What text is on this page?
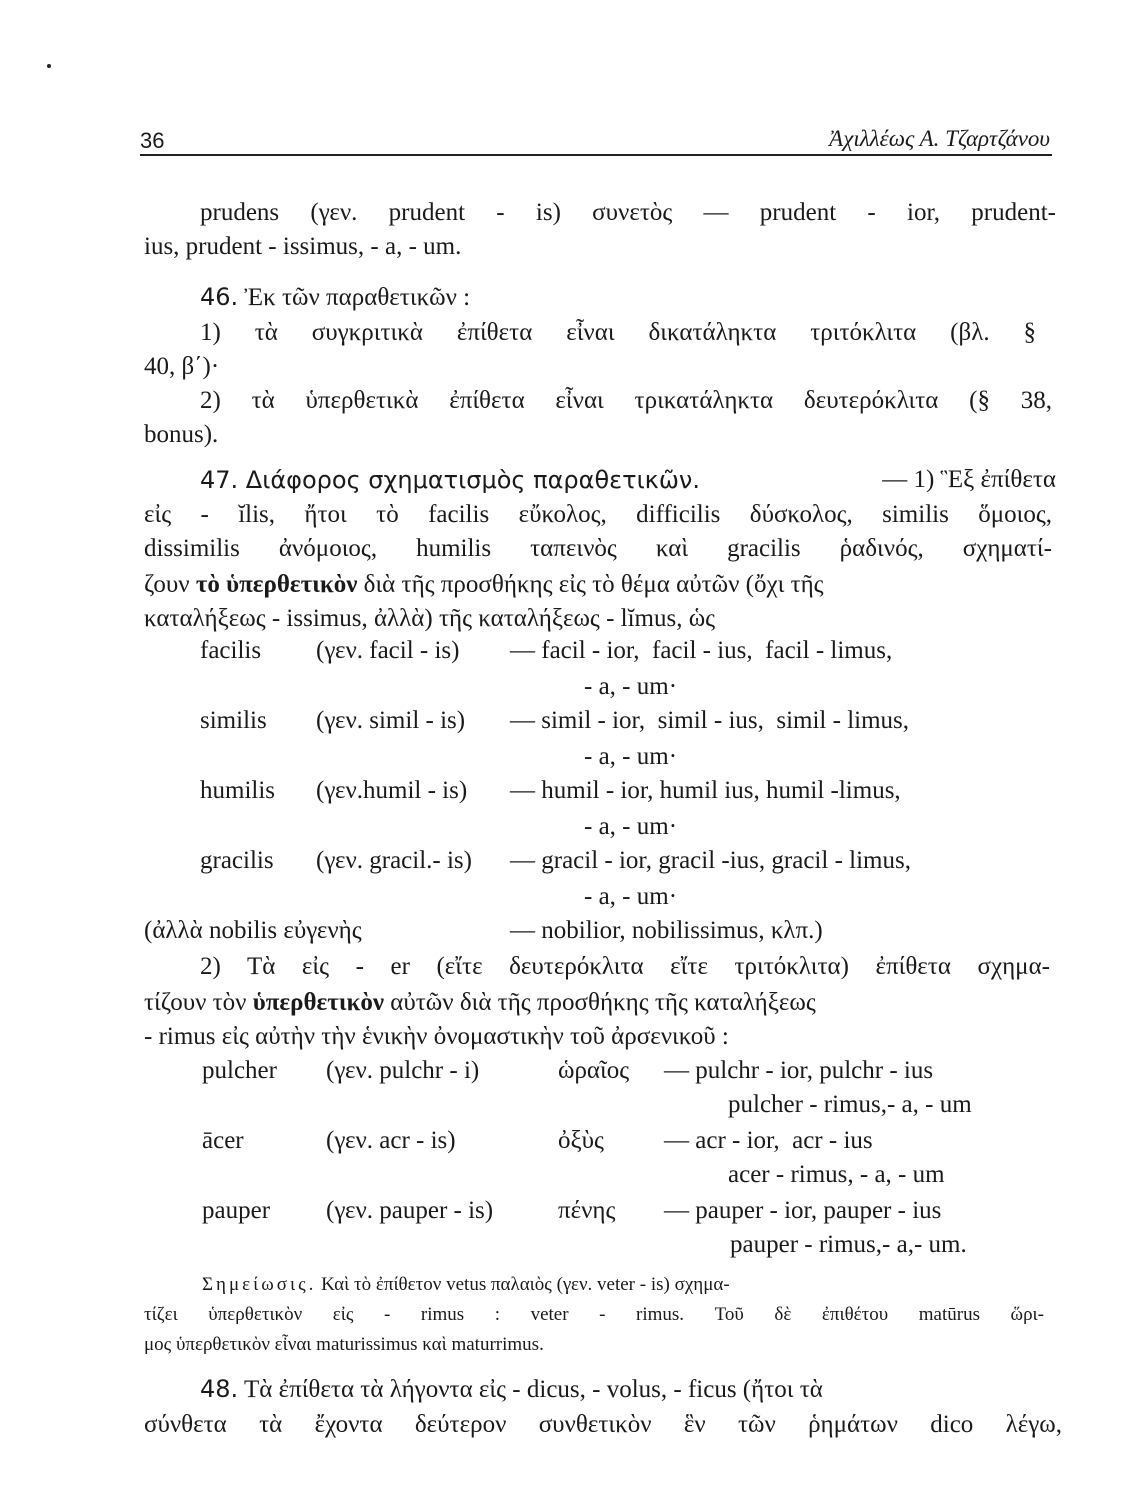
36	Ἀχιλλέως Α. Τζαρτζάνου
prudens (γεν. prudent - is) συνετὸς — prudent - ior, prudent-
ius, prudent - issimus, - a, - um.
46. Ἐκ τῶν παραθετικῶν :
1) τὰ συγκριτικὰ ἐπίθετα εἶναι δικατάληκτα τριτόκλιτα (βλ. §
40, β΄)·
2) τὰ ὑπερθετικὰ ἐπίθετα εἶναι τρικατάληκτα δευτερόκλιτα (§ 38,
bonus).
47. Διάφορος σχηματισμὸς παραθετικῶν.	— 1) Ἓξ ἐπίθετα
εἰς - ĭlis, ἤτοι τὸ facilis εὔκολος, difficilis δύσκολος, similis ὅμοιος,
dissimilis ἀνόμοιος, humilis ταπεινὸς καὶ gracilis ῥαδινός, σχηματί-
ζουν τὸ ὑπερθετικὸν διὰ τῆς προσθήκης εἰς τὸ θέμα αὐτῶν (ὄχι τῆς
καταλήξεως - issimus, ἀλλὰ) τῆς καταλήξεως - lĭmus, ὡς
facilis (γεν. facil - is) — facil - ior,  facil - ius,  facil - limus,
- a, - um·
similis (γεν. simil - is) — simil - ior,  simil - ius,  simil - limus,
- a, - um·
humilis (γεν.humil - is) — humil - ior, humil ius, humil -limus,
- a, - um·
gracilis (γεν. gracil.- is) — gracil - ior, gracil -ius, gracil - limus,
- a, - um·
(ἀλλὰ nobilis εὐγενὴς	— nobilior, nobilissimus, κλπ.)
2) Τὰ εἰς - er (εἴτε δευτερόκλιτα εἴτε τριτόκλιτα) ἐπίθετα σχημα-
τίζουν τὸν ὑπερθετικὸν αὐτῶν διὰ τῆς προσθήκης τῆς καταλήξεως
- rimus εἰς αὐτὴν τὴν ἑνικὴν ὀνομαστικὴν τοῦ ἀρσενικοῦ :
pulcher (γεν. pulchr - i)	ὡραῖος — pulchr - ior, pulchr - ius
pulcher - rimus,- a, - um
ācer	(γεν. acr - is)	ὀξὺς — acr - ior,  acr - ius
acer - rimus, - a, - um
pauper (γεν. pauper - is)	πένης — pauper - ior, pauper - ius
pauper - rimus,- a,- um.
Σημείωσις. Καὶ τὸ ἐπίθετον vetus παλαιὸς (γεν. veter - is) σχημα-
τίζει ὑπερθετικὸν εἰς - rimus : veter - rimus. Τοῦ δὲ ἐπιθέτου matūrus ὥρι-
μος ὑπερθετικὸν εἶναι maturissimus καὶ maturrimus.
48. Τὰ ἐπίθετα τὰ λήγοντα εἰς - dicus, - volus, - ficus (ἤτοι τὰ
σύνθετα τὰ ἔχοντα δεύτερον συνθετικὸν ἓν τῶν ῥημάτων dico λέγω,
